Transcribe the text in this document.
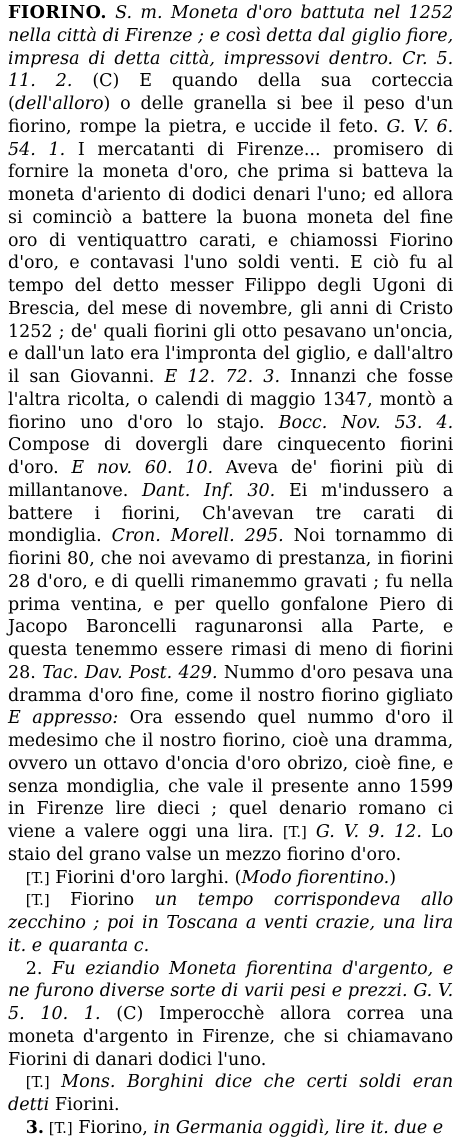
FIORINO. S. m. Moneta d'oro battuta nel 1252 nella città di Firenze ; e così detta dal giglio fiore, impresa di detta città, impressovi dentro. Cr. 5. 11. 2. (C) E quando della sua corteccia (dell'alloro) o delle granella si bee il peso d'un fiorino, rompe la pietra, e uccide il feto. G. V. 6. 54. 1. I mercatanti di Firenze... promisero di fornire la moneta d'oro, che prima si batteva la moneta d'ariento di dodici denari l'uno; ed allora si cominciò a battere la buona moneta del fine oro di ventiquattro carati, e chiamossi Fiorino d'oro, e contavasi l'uno soldi venti. E ciò fu al tempo del detto messer Filippo degli Ugoni di Brescia, del mese di novembre, gli anni di Cristo 1252 ; de' quali fiorini gli otto pesavano un'oncia, e dall'un lato era l'impronta del giglio, e dall'altro il san Giovanni. E 12. 72. 3. Innanzi che fosse l'altra ricolta, o calendi di maggio 1347, montò a fiorino uno d'oro lo stajo. Bocc. Nov. 53. 4. Compose di dovergli dare cinquecento fiorini d'oro. E nov. 60. 10. Aveva de' fiorini più di millantanove. Dant. Inf. 30. Ei m'indussero a battere i fiorini, Ch'avevan tre carati di mondiglia. Cron. Morell. 295. Noi tornammo di fiorini 80, che noi avevamo di prestanza, in fiorini 28 d'oro, e di quelli rimanemmo gravati ; fu nella prima ventina, e per quello gonfalone Piero di Jacopo Baroncelli ragunaronsi alla Parte, e questa tenemmo essere rimasi di meno di fiorini 28. Tac. Dav. Post. 429. Nummo d'oro pesava una dramma d'oro fine, come il nostro fiorino gigliato E appresso: Ora essendo quel nummo d'oro il medesimo che il nostro fiorino, cioè una dramma, ovvero un ottavo d'oncia d'oro obrizo, cioè fine, e senza mondiglia, che vale il presente anno 1599 in Firenze lire dieci ; quel denario romano ci viene a valere oggi una lira. [T.] G. V. 9. 12. Lo staio del grano valse un mezzo fiorino d'oro.

[T.] Fiorini d'oro larghi. (Modo fiorentino.)

[T.] Fiorino un tempo corrispondeva allo zecchino ; poi in Toscana a venti crazie, una lira it. e quaranta c.

2. Fu eziandio Moneta fiorentina d'argento, e ne furono diverse sorte di varii pesi e prezzi. G. V. 5. 10. 1. (C) Imperocchè allora correa una moneta d'argento in Firenze, che si chiamavano Fiorini di danari dodici l'uno.

[T.] Mons. Borghini dice che certi soldi eran detti Fiorini.

3. [T.] Fiorino, in Germania oggidì, lire it. due e
